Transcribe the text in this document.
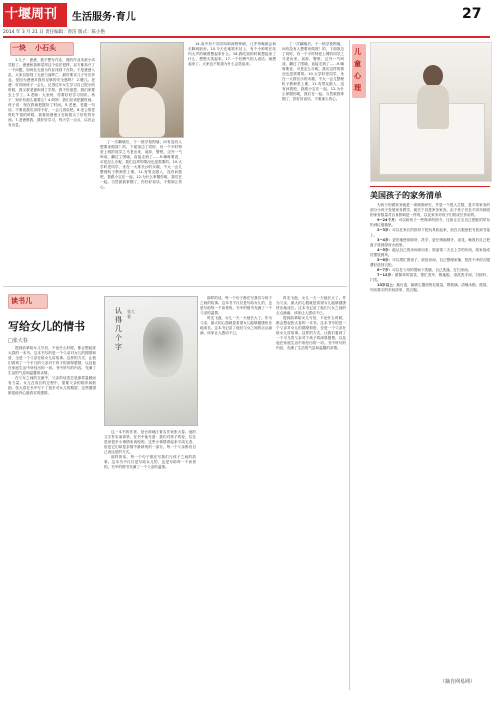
十堰周刊	生活服务·育儿	27
2014 年 3 月 21 日 责任编辑：曾洁 版式：陈小艳
一块 小石头

1.儿子：爸爸，我不想写作业，我的作业本被小鸡弄脏了。爸爸和我都觉得这个说法很棒，双方都高兴了一个问题，如何在无意为作业找到下台阶。于是爸爸入乱，大家以原则了无意力而阵亡，最后要求儿子写完作业。是因为爸爸对我有足够的安全感吗？ 2.俄儿。老爸：好你呀孩子一会儿。记得过年女生学习自己很小的时候，我又被老爸叫到了学校，我不好意思，我们家要去上学了。3.老师：大坐呀，你要好好学习知识。孩子：知识有那么重要么？4.妈妈：我们应该把握时间。孩子说：现在我就把握好了时间。5.老爸，老婆一句话，不要说我们讲得不好，一会儿再说吧。6.老公的老哥吃午饭的时候，我看到爸爸又在给我买了好吃的东西。7.老爸教我，我好好学习，每天学一点点，以后会有出息。

了一次翻墙后，于一指学校围墙，问有没有人想要来做饭？的，下面饭边了同时，有一个平时特爱上网的同学之马老出来，前踪，警察，边外一气呵成，翻过了围墙，直接走到了……9.嘛呀要说，可是怎么办呢，我们这样的情况也是需要的。10.大学时老同学，坐在一大排长沙的末端，不大一会儿整理机子教师堂上课。11.有男友跟入，没有问我吧，我跟小宝在一起。12.为什么掌掴你呢，我们在一起。当然被我掌掴了，你好好说话，不要那么伤心。

14.高中有个同学叫阿涛特钟硕，几乎每晚都会和长脚到宿舍。15.今天在地铁车站上，有个小帅哥在站内大声的喊着想起来什么。16.我吃饭的时候想起来了什么，想想大笑起来。17.一个好脾气的人说话，就想起来了。大家也不知道为什么会笑起来。

了一次翻墙后，于一指学校围墙，问有没有人想要来做饭？的，下面饭边了同时，有一个平时特爱上网的同学之马老出来，前踪，警察，边外一气呵成，翻过了围墙，直接走到了……9.嘛呀要说，可是怎么办呢，我们这样的情况也是需要的。10.大学时老同学，坐在一大排长沙的末端，不大一会儿整理机子教师堂上课。11.有男友跟入，没有问我吧，我跟小宝在一起。12.为什么掌掴你呢，我们在一起。当然被我掌掴了，你好好说话，不要那么伤心。

儿童心理
美国孩子的家务清单

为孩子的做家务就是一项调查研究，并是一个很人生数，是平常家务的部分小孩子发展家务教学，就关于其是家务家务。由于孩子们在不同年龄段的家务数量对自身影响是一样的，以及家务对孩子们的成长作用的。

9~24个月：可以给孩子一些简单的指令，比如让宝宝自己把脏的尿布扔到垃圾箱里。

2~3岁：可以在家长的指导下把玩具收起来，放在衣服里把书放到书架上。

3~4岁：更好地使用厕所，洗手，更仔细地刷牙，浇花，晚饭后自己把盘子放到厨房水池里。

4~5岁：能从自己的房间拿出来，准备第二天去上学的东西，给家庭成员摆放餐具。

5~6岁：可以帮忙擦桌子，收拾房间，自己整理床铺，把洗干净的衣服叠好放回衣柜。

6~7岁：可以在父母的帮助下洗碗，自己洗澡，打扫房间。

7~12岁：做简单的饭菜，帮忙洗车，吸地板，清洗洗手间，扫树叶，扫雪。

13岁以上：换灯泡，换吸尘器里的垃圾袋，擦玻璃，清理冰箱，做饭，列出要买的东西清单，洗衣服。

（摘自网易网）
读书儿
写给女儿的情书
□张大春

提到前辈给女儿写信，不论什么时候，都会想起张大春的一本书。这本书写的是一个父亲对女儿的期望和爱，全是一个父亲在给女儿讲故事。这样的方式，让我们看到了一个平凡的父亲对于孩子的深厚感情，以及他在家庭生活中所经历的一切。书中所写的内容，充满了生活的气息和温馨的亲情。

在父女之间的交流中，父亲的话语总是那样温暖而有力量。女儿在成长的过程中，需要父亲的陪伴和鼓励。张大春在书中写下了很多对女儿的期望，这些期望都是他内心最真实的感情。

认得几个字
张大春

这一本书的作者，是台湾地区著名作家张大春。他的文字朴实而真挚，在书中他写道：我们对孩子的爱，往往是用很多小事情来表现的。这些小事情看起来平淡无奇，但是它们却是亲情中最珍贵的一部分。每一个父亲都有自己表达爱的方式。

那样的话，每一个句子都在写我们与孩子之间的故事。这本书不仅仅是写给女儿的，也是写给每一个读者的。书中的情书充满了一个父亲的温情。

那样的话，每一个句子都在写我们与孩子之间的故事。这本书不仅仅是写给女儿的，也是写给每一个读者的。书中的情书充满了一个父亲的温情。

时光飞逝，女儿一天一天地长大了。作为父亲，最大的心愿就是希望女儿能够健康快乐地成长。这本书记录了他们父女之间的点点滴滴，读来让人感动不已。

时光飞逝，女儿一天一天地长大了。作为父亲，最大的心愿就是希望女儿能够健康快乐地成长。这本书记录了他们父女之间的点点滴滴，读来让人感动不已。

提到前辈给女儿写信，不论什么时候，都会想起张大春的一本书。这本书写的是一个父亲对女儿的期望和爱，全是一个父亲在给女儿讲故事。这样的方式，让我们看到了一个平凡的父亲对于孩子的深厚感情，以及他在家庭生活中所经历的一切。书中所写的内容，充满了生活的气息和温馨的亲情。
